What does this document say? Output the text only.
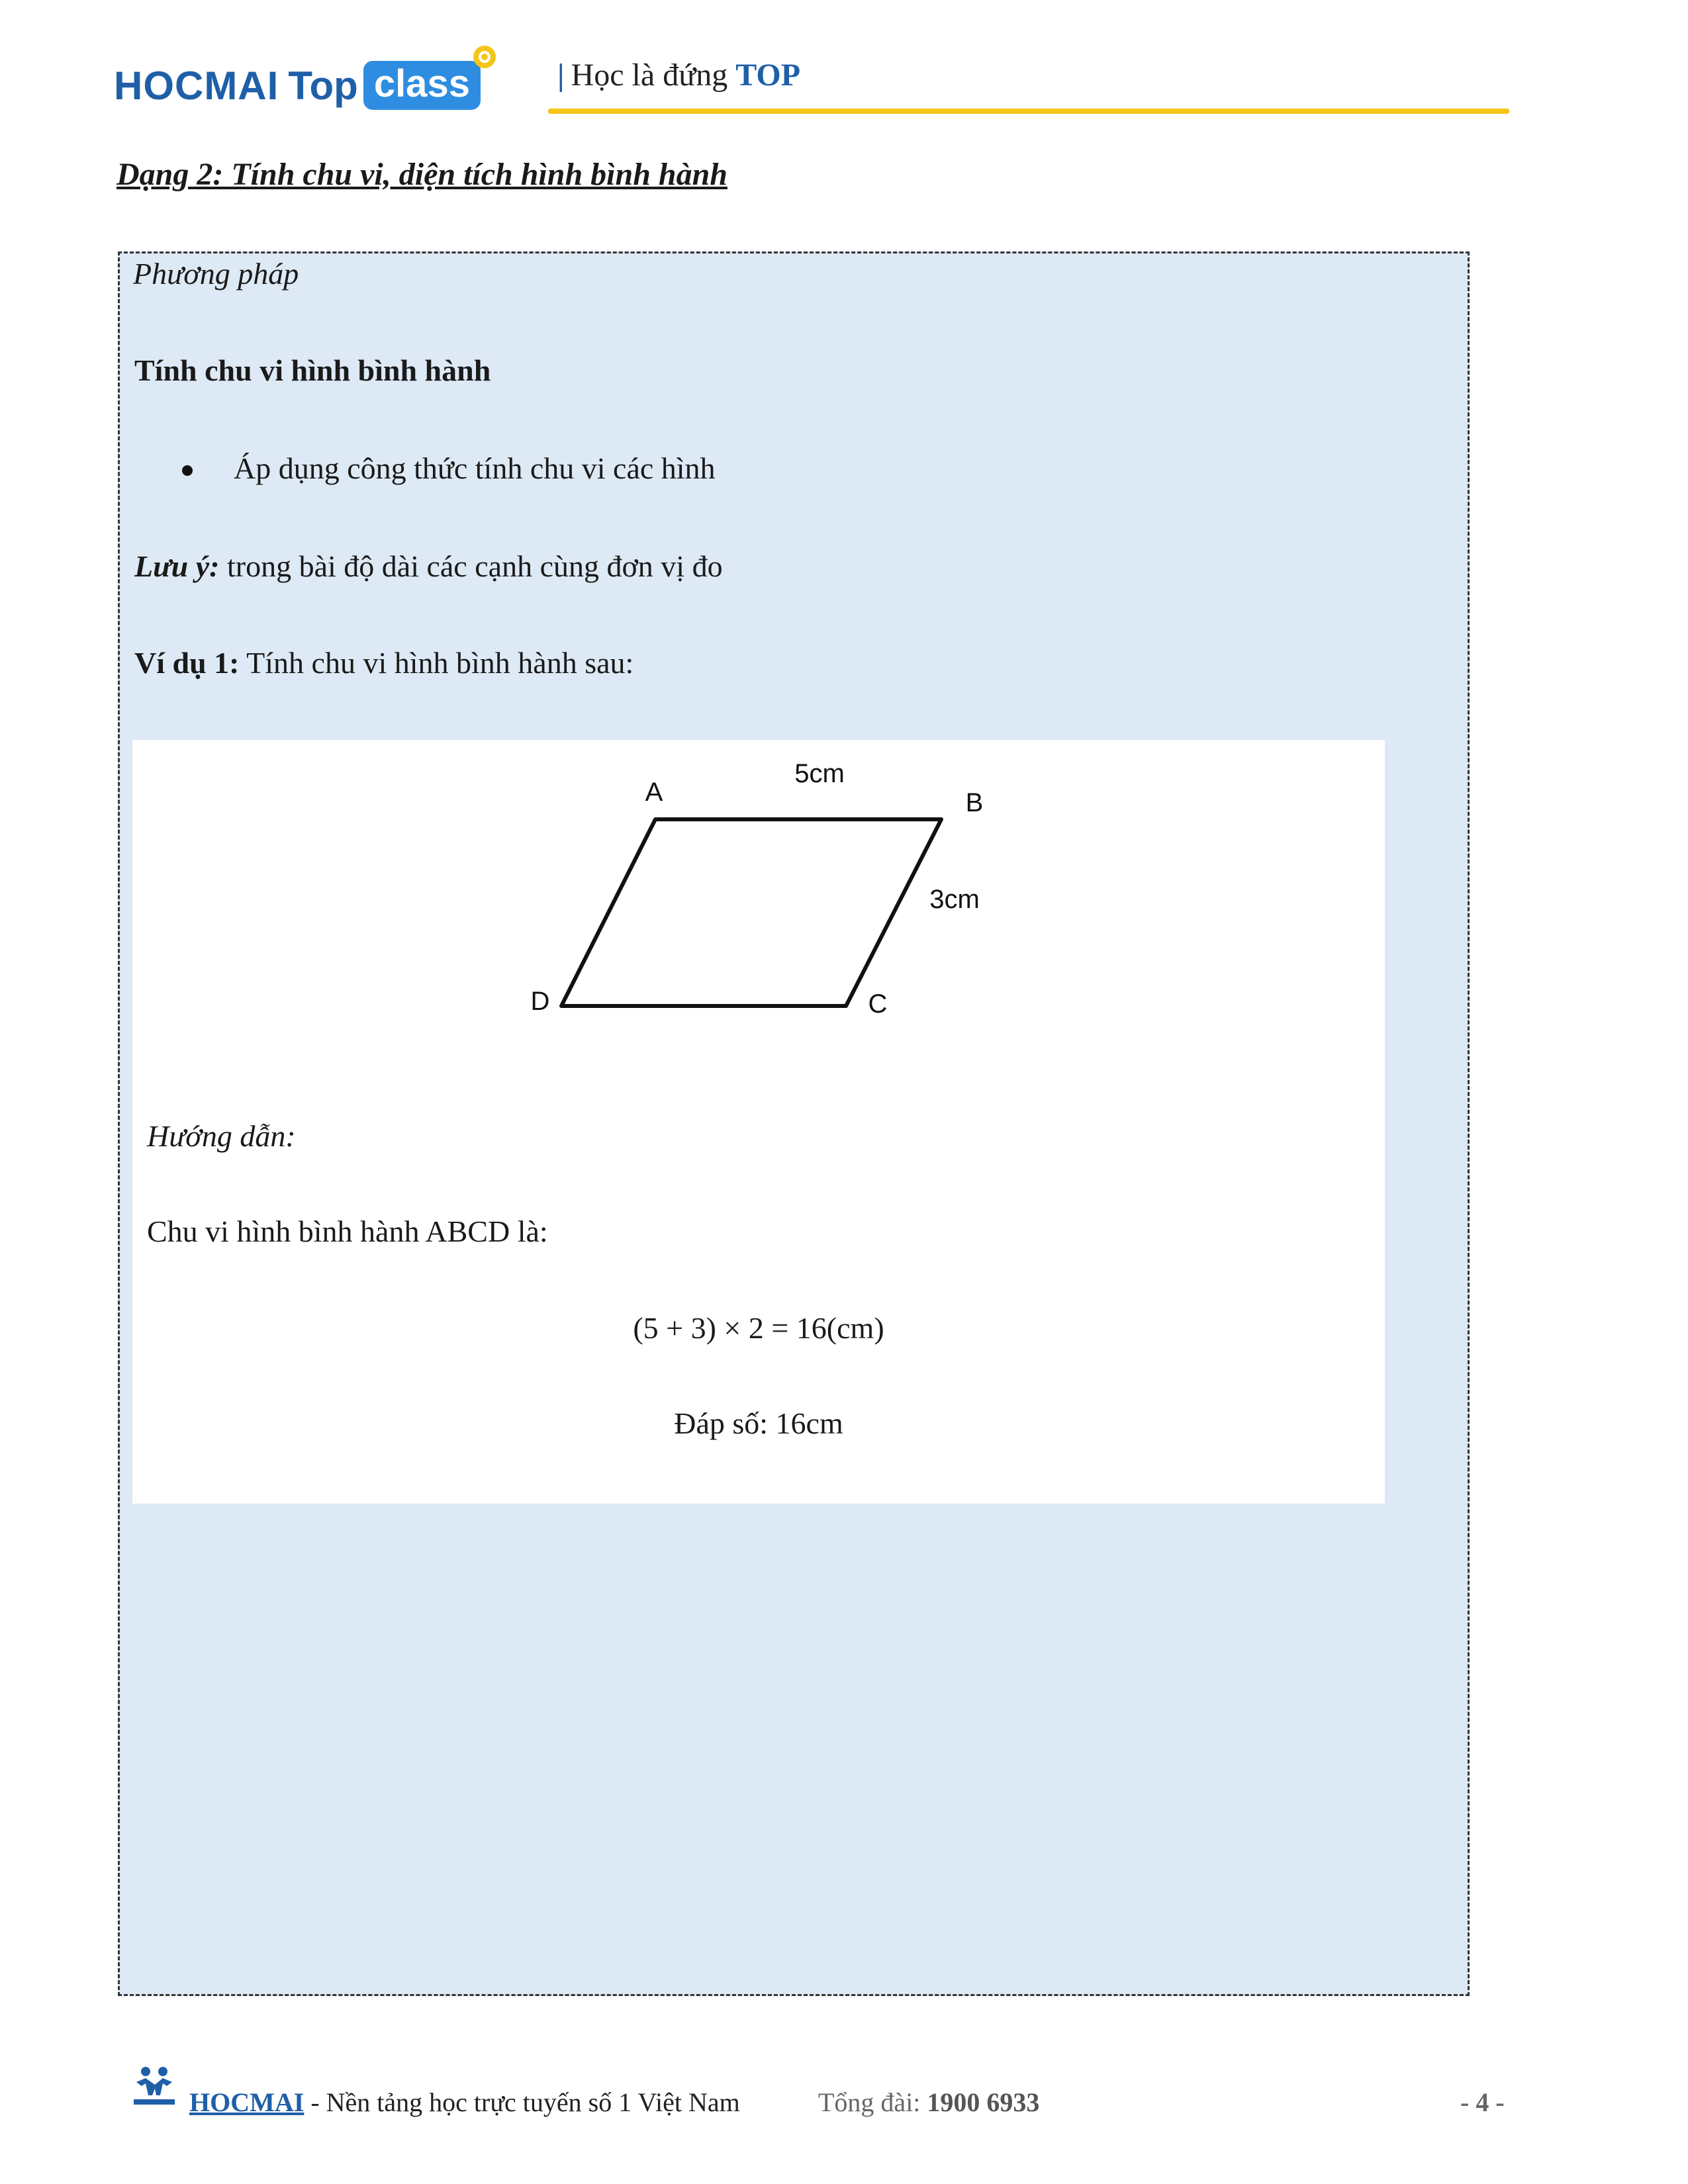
HOCMAI Top class	| Học là đứng TOP
Dạng 2: Tính chu vi, diện tích hình bình hành
Phương pháp
Tính chu vi hình bình hành
Áp dụng công thức tính chu vi các hình
Lưu ý: trong bài độ dài các cạnh cùng đơn vị đo
Ví dụ 1: Tính chu vi hình bình hành sau:
A	B
C
D
5cm
3cm
Hướng dẫn:
Chu vi hình bình hành ABCD là:
(5 + 3) × 2 = 16(cm)
Đáp số: 16cm
HOCMAI - Nền tảng học trực tuyến số 1 Việt Nam	Tổng đài: 1900 6933	- 4 -
